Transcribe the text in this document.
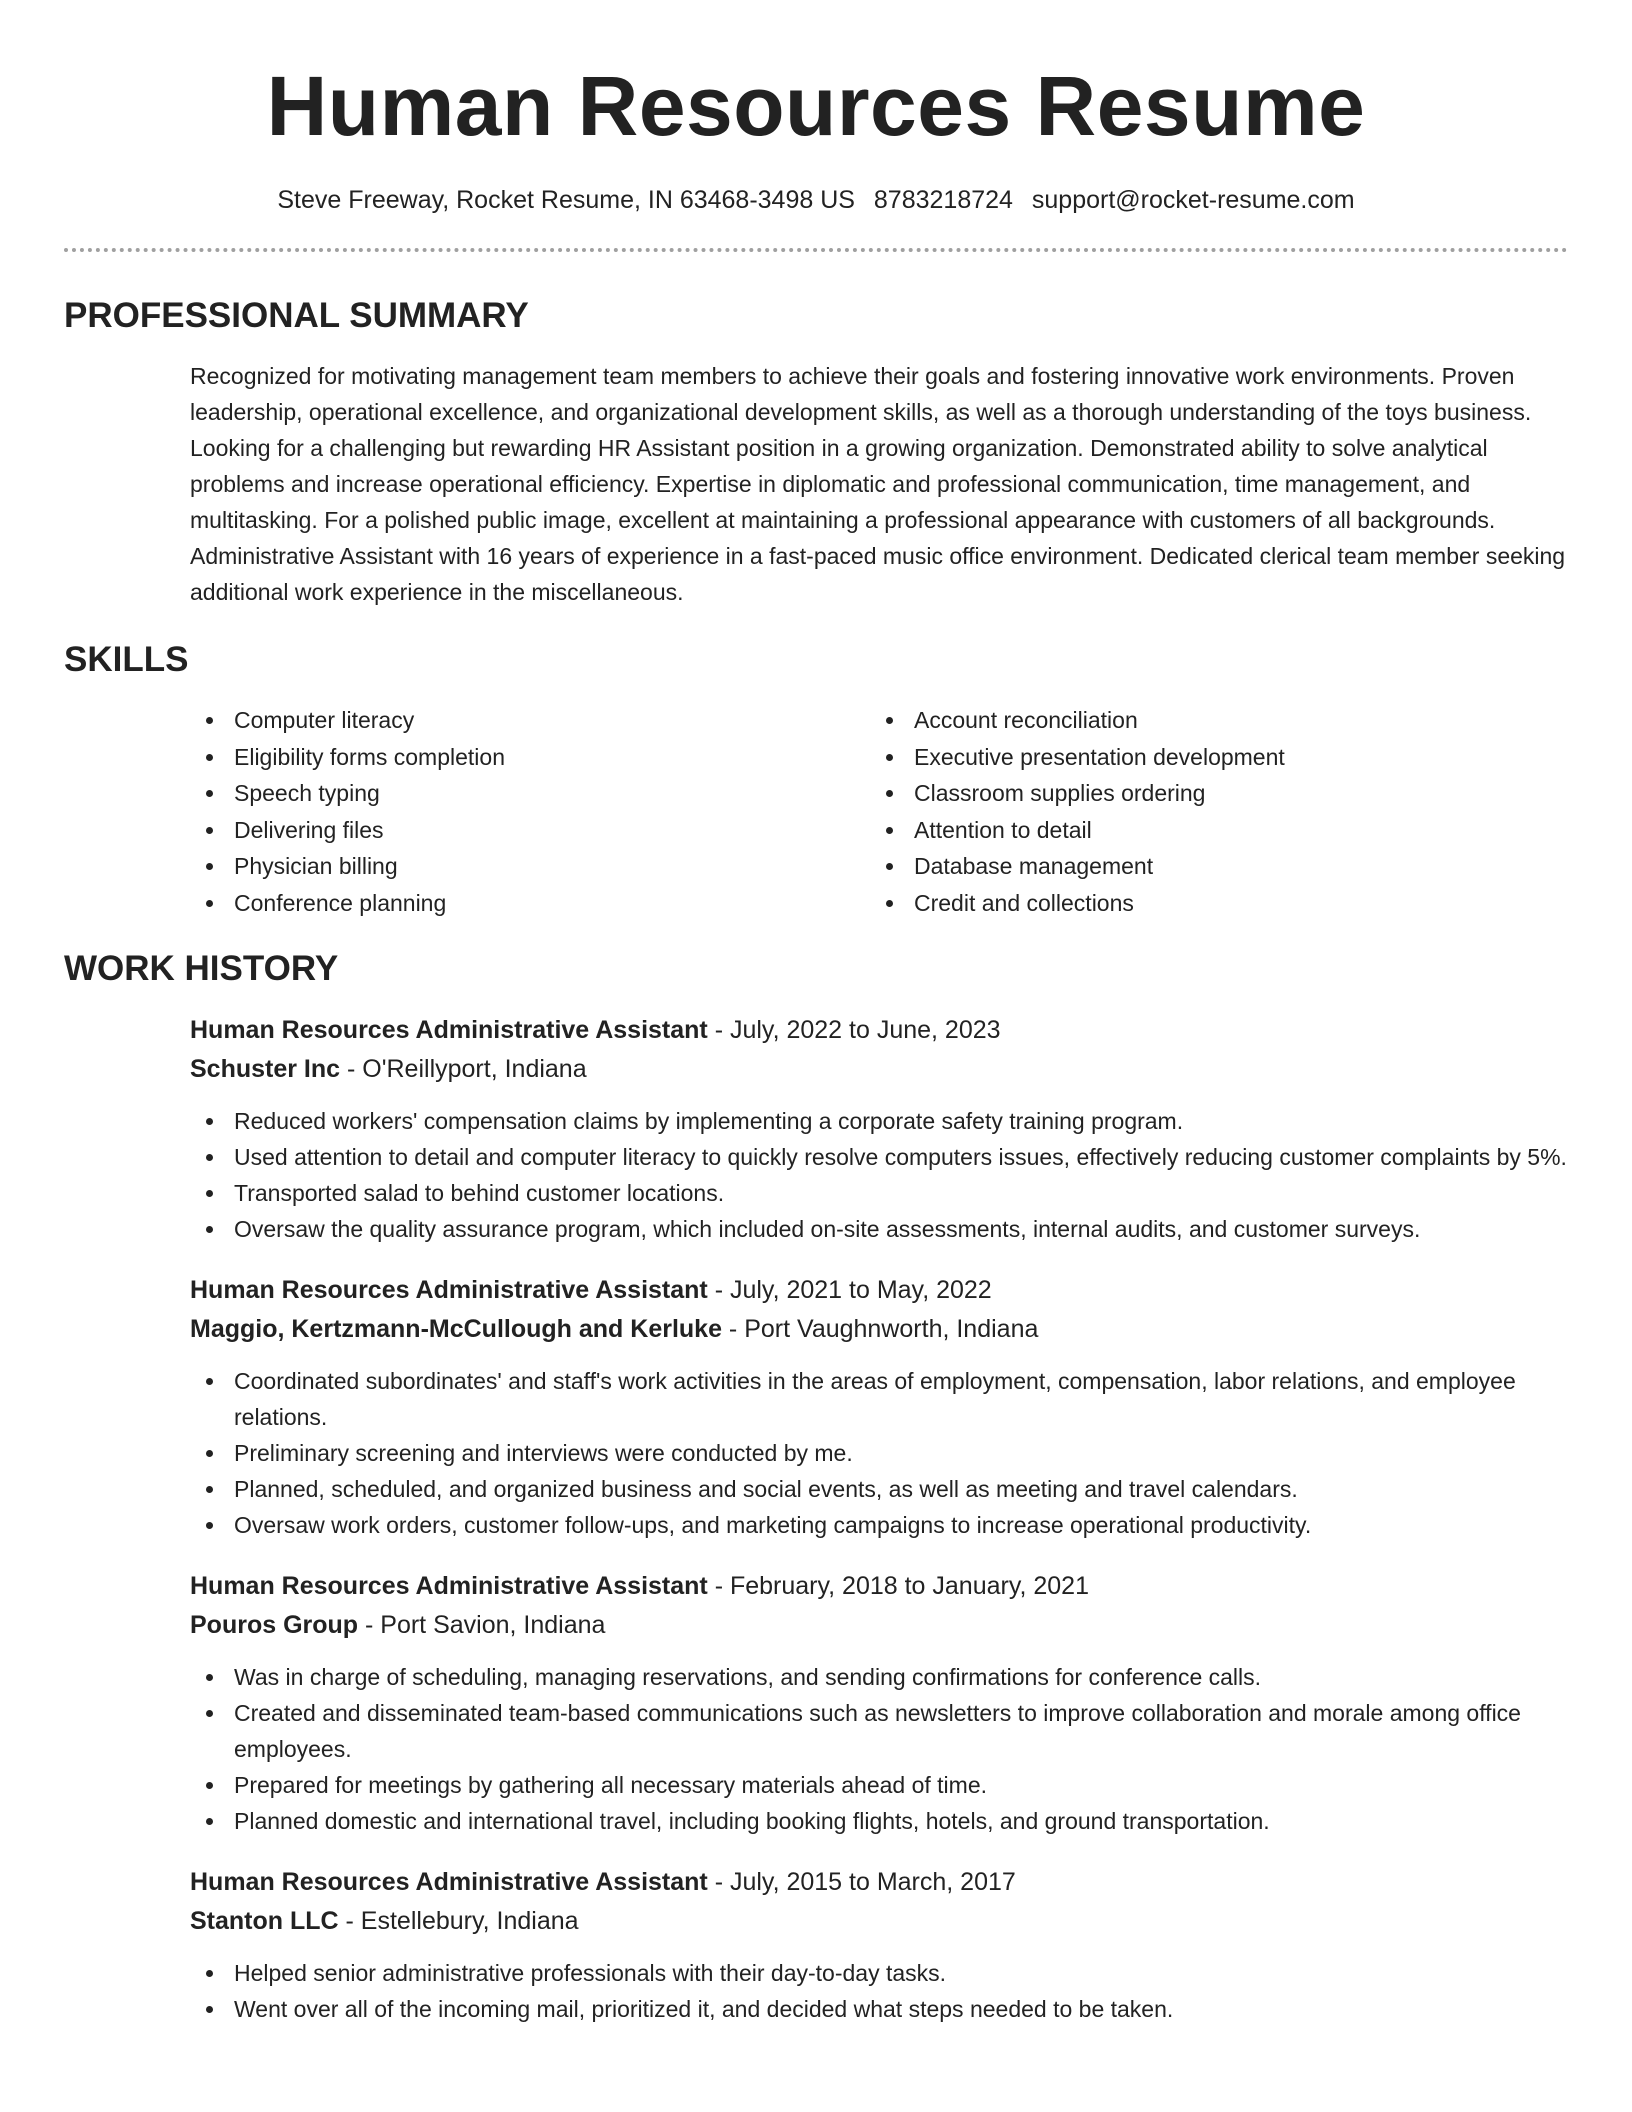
Human Resources Resume
Steve Freeway, Rocket Resume, IN 63468-3498 US 8783218724 support@rocket-resume.com
PROFESSIONAL SUMMARY

Recognized for motivating management team members to achieve their goals and fostering innovative work environments. Proven leadership, operational excellence, and organizational development skills, as well as a thorough understanding of the toys business. Looking for a challenging but rewarding HR Assistant position in a growing organization. Demonstrated ability to solve analytical problems and increase operational efficiency. Expertise in diplomatic and professional communication, time management, and multitasking. For a polished public image, excellent at maintaining a professional appearance with customers of all backgrounds. Administrative Assistant with 16 years of experience in a fast-paced music office environment. Dedicated clerical team member seeking additional work experience in the miscellaneous.

SKILLS
Computer literacy
Eligibility forms completion
Speech typing
Delivering files
Physician billing
Conference planning
Account reconciliation
Executive presentation development
Classroom supplies ordering
Attention to detail
Database management
Credit and collections
WORK HISTORY
Human Resources Administrative Assistant - July, 2022 to June, 2023
Schuster Inc - O'Reillyport, Indiana
Reduced workers' compensation claims by implementing a corporate safety training program.
Used attention to detail and computer literacy to quickly resolve computers issues, effectively reducing customer complaints by 5%.
Transported salad to behind customer locations.
Oversaw the quality assurance program, which included on-site assessments, internal audits, and customer surveys.
Human Resources Administrative Assistant - July, 2021 to May, 2022
Maggio, Kertzmann-McCullough and Kerluke - Port Vaughnworth, Indiana
Coordinated subordinates' and staff's work activities in the areas of employment, compensation, labor relations, and employee relations.
Preliminary screening and interviews were conducted by me.
Planned, scheduled, and organized business and social events, as well as meeting and travel calendars.
Oversaw work orders, customer follow-ups, and marketing campaigns to increase operational productivity.
Human Resources Administrative Assistant - February, 2018 to January, 2021
Pouros Group - Port Savion, Indiana
Was in charge of scheduling, managing reservations, and sending confirmations for conference calls.
Created and disseminated team-based communications such as newsletters to improve collaboration and morale among office employees.
Prepared for meetings by gathering all necessary materials ahead of time.
Planned domestic and international travel, including booking flights, hotels, and ground transportation.
Human Resources Administrative Assistant - July, 2015 to March, 2017
Stanton LLC - Estellebury, Indiana
Helped senior administrative professionals with their day-to-day tasks.
Went over all of the incoming mail, prioritized it, and decided what steps needed to be taken.
